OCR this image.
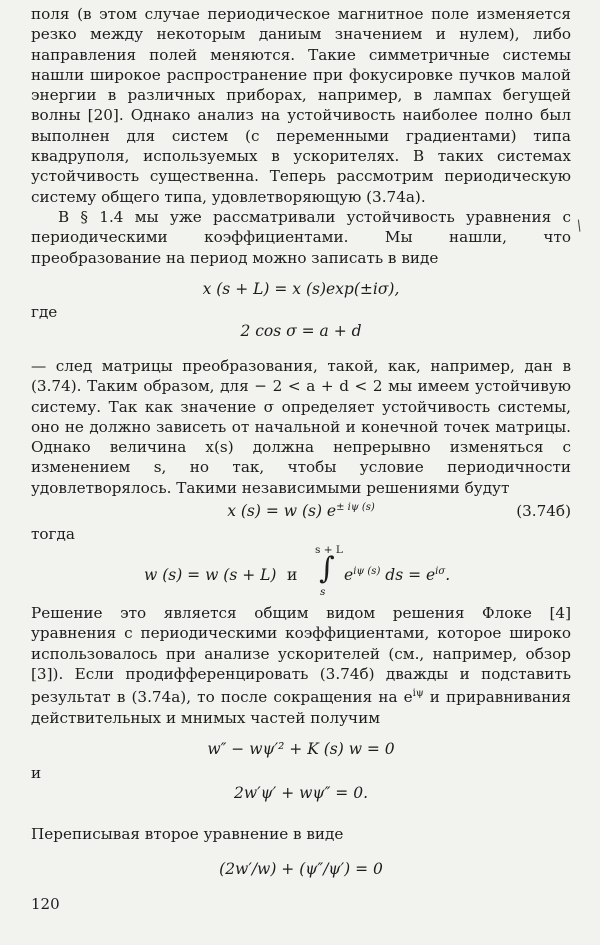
поля (в этом случае периодическое магнитное поле изменяется резко между некоторым даниым значением и нулем), либо направления полей меняются. Такие симметричные системы нашли широкое распространение при фокусировке пучков малой энергии в различных приборах, например, в лампах бегущей волны [20]. Однако анализ на устойчивость наиболее полно был выполнен для систем (с переменными градиентами) типа квадруполя, используемых в ускорителях. В таких системах устойчивость существенна. Теперь рассмотрим периодическую систему общего типа, удовлетворяющую (3.74а).

В § 1.4 мы уже рассматривали устойчивость уравнения с периодическими коэффициентами. Мы нашли, что преобразование на период можно записать в виде

/

x (s + L) = x (s)exp(±iσ),

где

2 cos σ = a + d

— след матрицы преобразования, такой, как, например, дан в (3.74). Таким образом, для − 2 < a + d < 2 мы имеем устойчивую систему. Так как значение σ определяет устойчивость системы, оно не должно зависеть от начальной и конечной точек матрицы. Однако величина x(s) должна непрерывно изменяться с изменением s, но так, чтобы условие периодичности удовлетворялось. Такими независимыми решениями будут

x (s) = w (s) $e^{\pm i\psi (s)}$	(3.74б)

тогда

w (s) = w (s + L) и
s + L
∫
s
$e^{i\psi (s)}$ ds = $e^{i\sigma}$.

Решение это является общим видом решения Флоке [4] уравнения с периодическими коэффициентами, которое широко использовалось при анализе ускорителей (см., например, обзор [3]). Если продифференцировать (3.74б) дважды и подставить результат в (3.74а), то после сокращения на $e^{i\psi}$ и приравнивания действительных и мнимых частей получим

w″ − wψ′² + K (s) w = 0

и

2w′ψ′ + wψ″ = 0.

Переписывая второе уравнение в виде

(2w′/w) + (ψ″/ψ′) = 0

120
